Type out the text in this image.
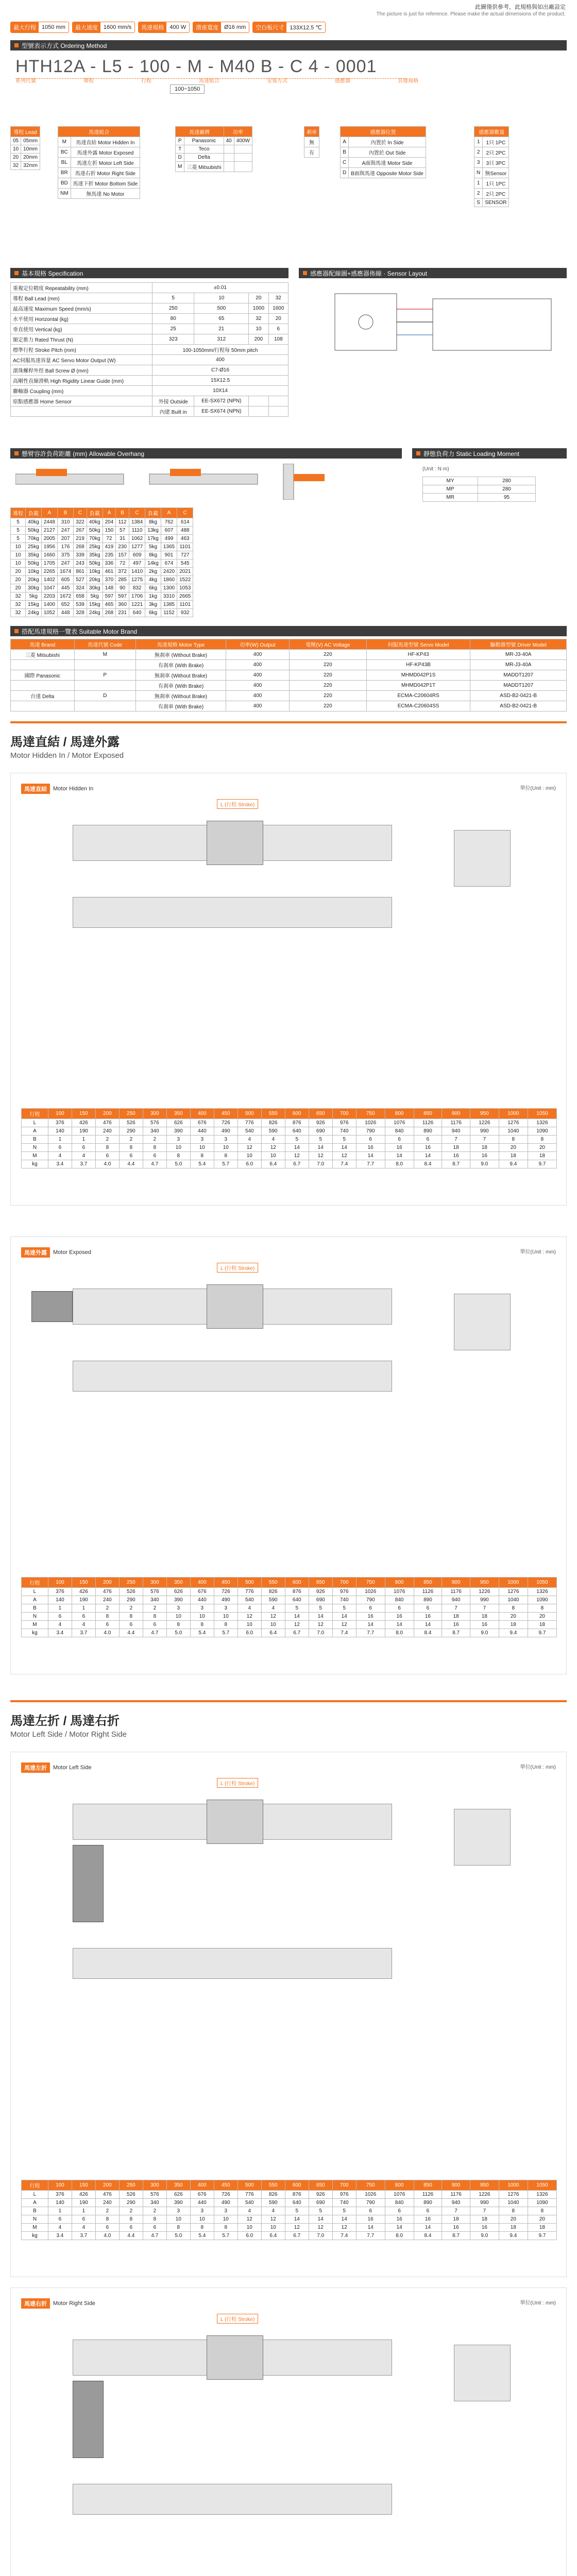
此圖僅供參考，此規格與如出廠設定
The picture is just for reference. Please make the actual dimensions of the product.
最大行程	1050 mm	最大速度	1600 mm/s	馬達規格	400 W	滑座寬度	Ø16 mm	空白板尺寸	133X12.5 ℃
型號表示方式 Ordering Method
HTH12A - L5 - 100 - M - M40 B - C 4 - 0001
100~1050
系列代號	導程	行程	馬達組合	安裝方式	感應器	其他規格
導程 Lead	
05	05mm
10	10mm
20	20mm
32	32mm
馬達組合	
M	馬達直結 Motor Hidden In
BC	馬達外露 Motor Exposed
BL	馬達左折 Motor Left Side
BR	馬達右折 Motor Right Side
BD	馬達下折 Motor Bottom Side
NM	無馬達 No Motor
馬達廠牌		功率	
P	Panasonic	40	400W
T	Teco		
D	Delta		
M	三菱 Mitsubishi		
剎車
無
有
感應器位置	
A	內置於 In Side
B	內置於 Out Side
C	A面與馬達 Motor Side
D	B面與馬達 Opposite Motor Side
感應器數量	
1	1只 1PC
2	2只 2PC
3	3只 3PC
N	無Sensor
1	1只 1PC
2	2只 2PC
S	SENSOR
基本規格 Specification
重複定位精度 Repeatability (mm)	±0.01			
導程 Ball Lead (mm)	5	10	20	32
最高速度 Maximum Speed (mm/s)	250	500	1000	1600
水平使用 Horizontal (kg)	80	65	32	20
垂直使用 Vertical (kg)	25	21	10	6
額定推力 Rated Thrust (N)	323	312	200	108
標準行程 Stroke Pitch (mm)	100-1050mm/行程每 50mm pitch			
AC伺服馬達容量 AC Servo Motor Output (W)	400			
滾珠螺桿外徑 Ball Screw Ø (mm)	C7-Ø16			
高剛性直線滑軌 High Rigidity Linear Guide (mm)	15X12.5			
聯軸器 Coupling (mm)	10X14			
原點感應器 Home Sensor	外接 Outside	EE-SX672 (NPN)		
	內建 Built in	EE-SX674 (NPN)		
感應器配線圖+感應器佈線 · Sensor Layout
懸臂容許負荷距離 (mm) Allowable Overhang	靜態負荷力 Static Loading Moment
(Unit : N·m)
MY	280
MP	280
MR	95
導程	負載	A	B	C	負載	A	B	C	負載	A	C
5	40kg	2448	310	322	40kg	204	112	1384	8kg	762	614
5	50kg	2127	247	267	50kg	150	57	1110	13kg	607	488
5	70kg	2005	207	219	70kg	72	31	1062	17kg	499	463
10	25kg	1956	176	268	25kg	419	230	1277	5kg	1365	1101
10	35kg	1660	375	339	35kg	235	157	609	8kg	901	727
10	50kg	1705	247	243	50kg	336	72	497	14kg	674	545
20	10kg	2265	1674	861	10kg	461	372	1410	2kg	2420	2021
20	20kg	1402	605	527	20kg	370	285	1275	4kg	1860	1522
20	30kg	1047	445	324	30kg	148	90	832	6kg	1300	1053
32	5kg	2203	1672	658	5kg	597	597	1706	1kg	3310	2665
32	15kg	1400	652	539	15kg	465	360	1221	3kg	1385	1101
32	24kg	1052	448	328	24kg	268	231	640	6kg	1152	932
搭配馬達規格一覽表 Suitable Motor Brand
馬達 Brand	馬達代號 Code	馬達規格 Motor Type	功率(W) Output	電壓(V) AC Voltage	伺服馬達型號 Servo Model	驅動器型號 Driver Model
三菱 Mitsubishi	M	無刹車 (Without Brake)	400	220	HF-KP43	MR-J3-40A
		有刹車 (With Brake)	400	220	HF-KP43B	MR-J3-40A
國際 Panasonic	P	無刹車 (Without Brake)	400	220	MHMD042P1S	MADDT1207
		有刹車 (With Brake)	400	220	MHMD042P1T	MADDT1207
台達 Delta	D	無刹車 (Without Brake)	400	220	ECMA-C20604RS	ASD-B2-0421-B
		有刹車 (With Brake)	400	220	ECMA-C20604SS	ASD-B2-0421-B
馬達直結 / 馬達外露
Motor Hidden In / Motor Exposed
馬達直結	Motor Hidden In	單位(Unit : mm)
L (行程 Stroke)
行程	100	150	200	250	300	350	400	450	500	550	600	650	700	750	800	850	900	950	1000	1050
L	376	426	476	526	576	626	676	726	776	826	876	926	976	1026	1076	1126	1176	1226	1276	1326
A	140	190	240	290	340	390	440	490	540	590	640	690	740	790	840	890	940	990	1040	1090
B	1	1	2	2	2	3	3	3	4	4	5	5	5	6	6	6	7	7	8	8
N	6	6	8	8	8	10	10	10	12	12	14	14	14	16	16	16	18	18	20	20
M	4	4	6	6	6	8	8	8	10	10	12	12	12	14	14	14	16	16	18	18
kg	3.4	3.7	4.0	4.4	4.7	5.0	5.4	5.7	6.0	6.4	6.7	7.0	7.4	7.7	8.0	8.4	8.7	9.0	9.4	9.7
馬達外露	Motor Exposed	單位(Unit : mm)
L (行程 Stroke)
行程	100	150	200	250	300	350	400	450	500	550	600	650	700	750	800	850	900	950	1000	1050
L	376	426	476	526	576	626	676	726	776	826	876	926	976	1026	1076	1126	1176	1226	1276	1326
A	140	190	240	290	340	390	440	490	540	590	640	690	740	790	840	890	940	990	1040	1090
B	1	1	2	2	2	3	3	3	4	4	5	5	5	6	6	6	7	7	8	8
N	6	6	8	8	8	10	10	10	12	12	14	14	14	16	16	16	18	18	20	20
M	4	4	6	6	6	8	8	8	10	10	12	12	12	14	14	14	16	16	18	18
kg	3.4	3.7	4.0	4.4	4.7	5.0	5.4	5.7	6.0	6.4	6.7	7.0	7.4	7.7	8.0	8.4	8.7	9.0	9.4	9.7
馬達左折 / 馬達右折
Motor Left Side / Motor Right Side
馬達左折	Motor Left Side	單位(Unit : mm)
L (行程 Stroke)
行程	100	150	200	250	300	350	400	450	500	550	600	650	700	750	800	850	900	950	1000	1050
L	376	426	476	526	576	626	676	726	776	826	876	926	976	1026	1076	1126	1176	1226	1276	1326
A	140	190	240	290	340	390	440	490	540	590	640	690	740	790	840	890	940	990	1040	1090
B	1	1	2	2	2	3	3	3	4	4	5	5	5	6	6	6	7	7	8	8
N	6	6	8	8	8	10	10	10	12	12	14	14	14	16	16	16	18	18	20	20
M	4	4	6	6	6	8	8	8	10	10	12	12	12	14	14	14	16	16	18	18
kg	3.4	3.7	4.0	4.4	4.7	5.0	5.4	5.7	6.0	6.4	6.7	7.0	7.4	7.7	8.0	8.4	8.7	9.0	9.4	9.7
馬達右折	Motor Right Side	單位(Unit : mm)
L (行程 Stroke)
